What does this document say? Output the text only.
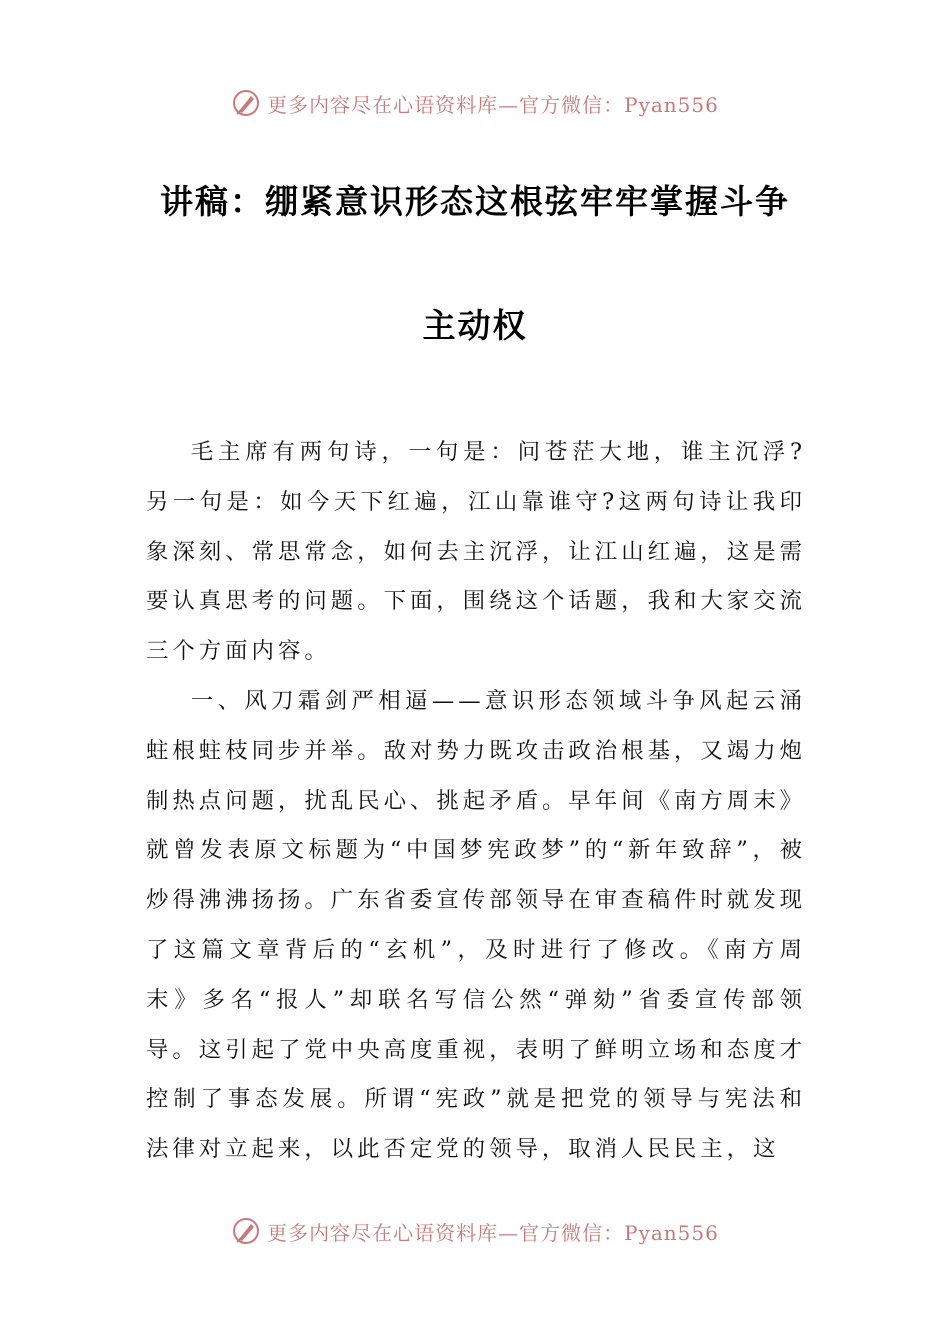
更多内容尽在心语资料库—官方微信：Pyan556
讲稿：绷紧意识形态这根弦牢牢掌握斗争
主动权

毛主席有两句诗，一句是：问苍茫大地，谁主沉浮?另一句是：如今天下红遍，江山靠谁守?这两句诗让我印象深刻、常思常念，如何去主沉浮，让江山红遍，这是需要认真思考的问题。下面，围绕这个话题，我和大家交流三个方面内容。

一、风刀霜剑严相逼——意识形态领域斗争风起云涌蛀根蛀枝同步并举。敌对势力既攻击政治根基，又竭力炮制热点问题，扰乱民心、挑起矛盾。早年间《南方周末》就曾发表原文标题为“中国梦宪政梦”的“新年致辞”，被炒得沸沸扬扬。广东省委宣传部领导在审查稿件时就发现了这篇文章背后的“玄机”，及时进行了修改。《南方周末》多名“报人”却联名写信公然“弹劾”省委宣传部领导。这引起了党中央高度重视，表明了鲜明立场和态度才控制了事态发展。所谓“宪政”就是把党的领导与宪法和法律对立起来，以此否定党的领导，取消人民民主，这

更多内容尽在心语资料库—官方微信：Pyan556
